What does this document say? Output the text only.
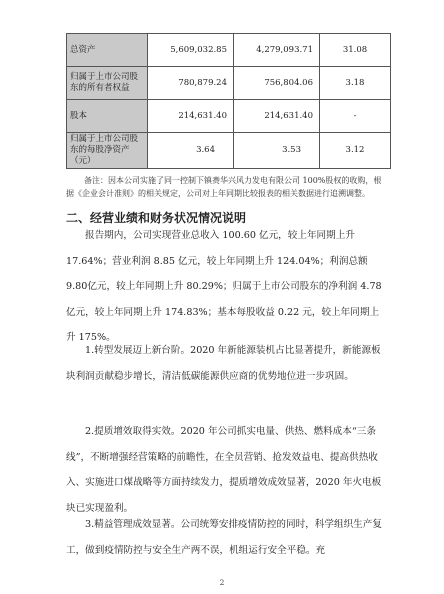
总资产	5,609,032.85	4,279,093.71	31.08
归属于上市公司股东的所有者权益	780,879.24	756,804.06	3.18
股本	214,631.40	214,631.40	-
归属于上市公司股东的每股净资产（元）	3.64	3.53	3.12

备注：因本公司实施了同一控制下镇赉华兴风力发电有限公司 100%股权的收购，根据《企业会计准则》的相关规定，公司对上年同期比较报表的相关数据进行追溯调整。

二、经营业绩和财务状况情况说明

报告期内，公司实现营业总收入 100.60 亿元，较上年同期上升17.64%；营业利润 8.85 亿元，较上年同期上升 124.04%；利润总额 9.80亿元，较上年同期上升 80.29%；归属于上市公司股东的净利润 4.78亿元，较上年同期上升 174.83%；基本每股收益 0.22 元，较上年同期上升 175%。

1.转型发展迈上新台阶。2020 年新能源装机占比显著提升，新能源板块利润贡献稳步增长，清洁低碳能源供应商的优势地位进一步巩固。

2.提质增效取得实效。2020 年公司抓实电量、供热、燃料成本“三条线”，不断增强经营策略的前瞻性，在全员营销、抢发效益电、提高供热收入、实施进口煤战略等方面持续发力，提质增效成效显著，2020 年火电板块已实现盈利。

3.精益管理成效显著。公司统筹安排疫情防控的同时，科学组织生产复工，做到疫情防控与安全生产两不误，机组运行安全平稳。充

2
